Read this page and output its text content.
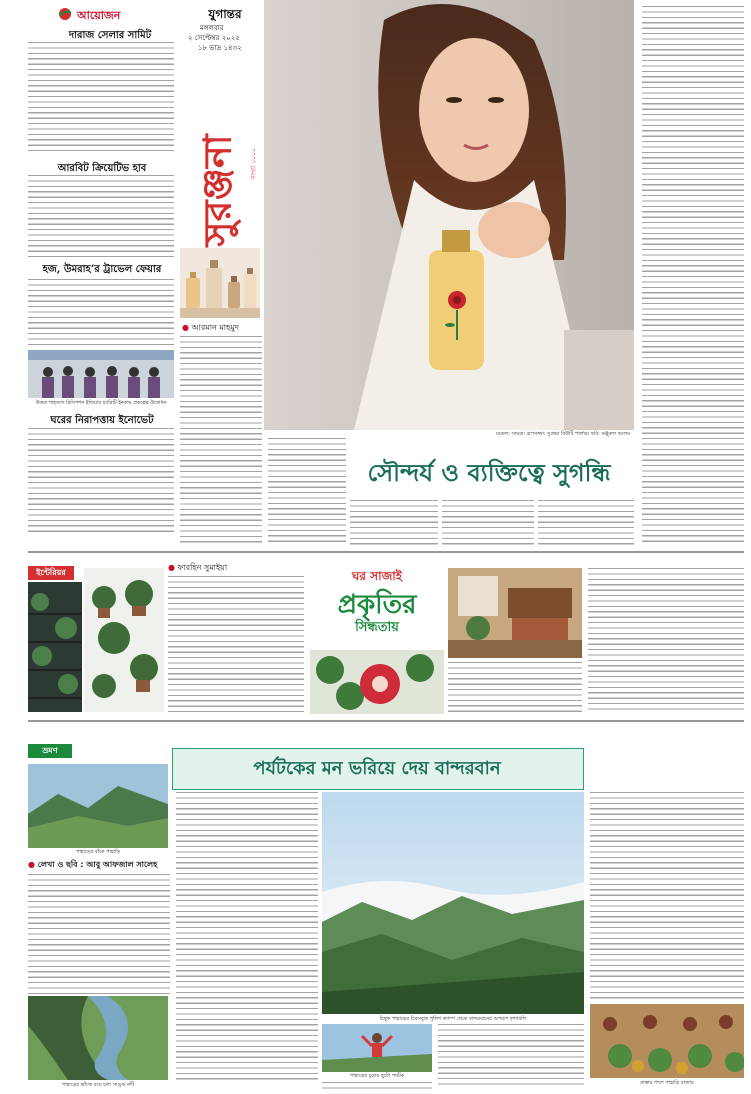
আয়োজন
দারাজ সেলার সামিট
আরবিট ক্রিয়েটিভ হাব
হজ, উমরাহ’র ট্রাভেল ফেয়ার
উত্তরা শাহজাদ রিসিপশন ইন্ডিয়ার চ্যারিটি ইনকাম প্রকল্পের উদ্বোধন
ঘরের নিরাপত্তায় ইনোভেট
যুগান্তর
মঙ্গলবার
২ সেপ্টেম্বর ২০২৫
১৮ ভাদ্র ১৪৩২
সুরঞ্জনা	সংখ্যা ১০০০
মডেল: সায়রা। রূপসজ্জা: সুপ্রভা বিউটি পার্লার। ছবি: মঞ্জুরুল আলম
● আরমান মাহমুদ
সৌন্দর্য ও ব্যক্তিত্বে সুগন্ধি
ইন্টেরিয়র
● ফারহিন সুমাইয়া
ঘর সাজাই
প্রকৃতির
সিন্ধতায়
ভ্রমণ
পর্যটকের মন ভরিয়ে দেয় বান্দরবান
পাহাড়ের বাঁকে পাহাড়ি
● লেখা ও ছবি : আবু আফজাল সালেহ
পাহাড়ের ভাঁজে বয়ে চলা সাঙ্গু নদী
চিম্বুক পাহাড়ের চিরসবুজ পুলিশ ক্যাম্প থেকে বান্দরবানের অপরূপ দৃশ্যাবলি
পাহাড়ের চূড়ায় ছুটো পর্যটক
রাস্তার পাশে পাহাড়ি বাজার
